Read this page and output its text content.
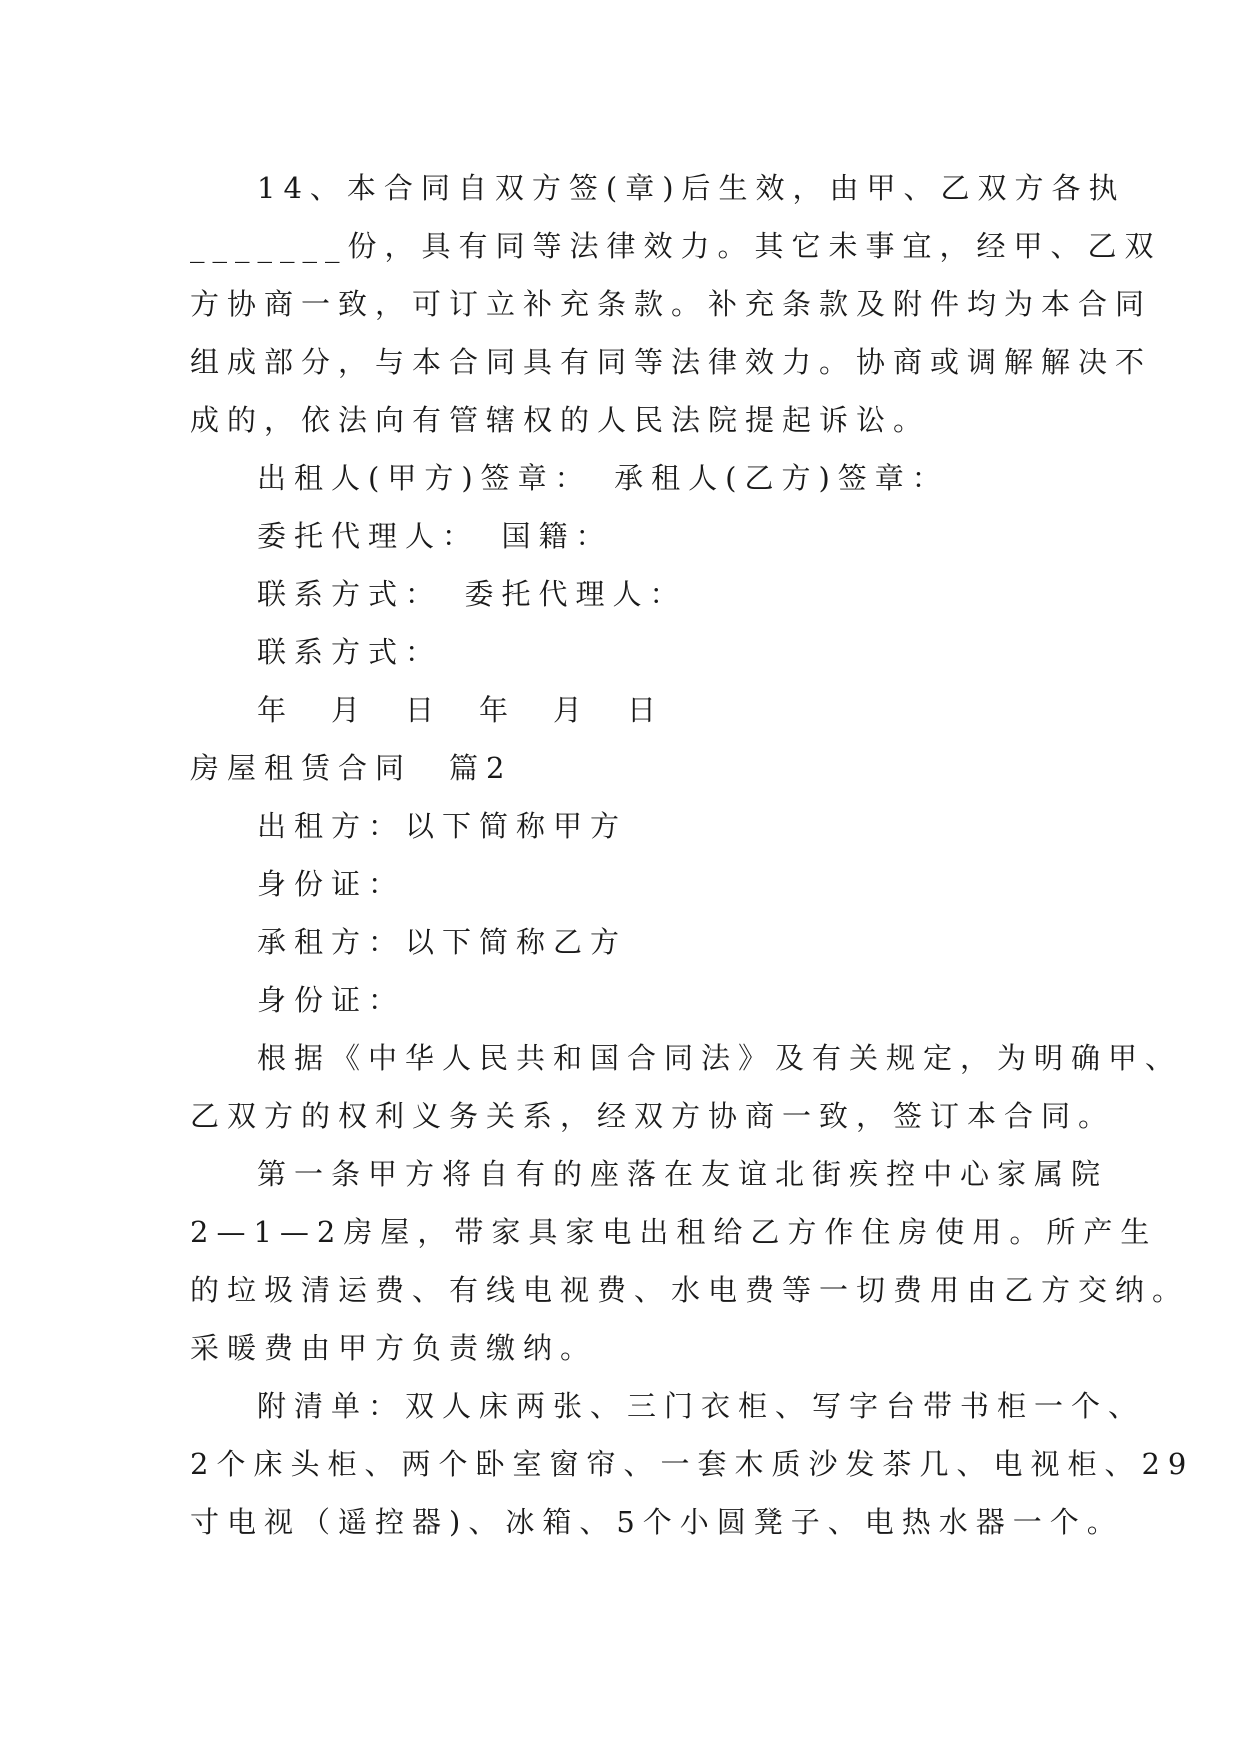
14、本合同自双方签(章)后生效，由甲、乙双方各执

_______份，具有同等法律效力。其它未事宜，经甲、乙双

方协商一致，可订立补充条款。补充条款及附件均为本合同

组成部分，与本合同具有同等法律效力。协商或调解解决不

成的，依法向有管辖权的人民法院提起诉讼。

出租人(甲方)签章：　承租人(乙方)签章：

委托代理人：　国籍：

联系方式：　委托代理人：

联系方式：

年　月　日　年　月　日

房屋租赁合同　篇2

出租方：以下简称甲方

身份证：

承租方：以下简称乙方

身份证：

根据《中华人民共和国合同法》及有关规定，为明确甲、

乙双方的权利义务关系，经双方协商一致，签订本合同。

第一条甲方将自有的座落在友谊北街疾控中心家属院

2—1—2房屋，带家具家电出租给乙方作住房使用。所产生

的垃圾清运费、有线电视费、水电费等一切费用由乙方交纳。

采暖费由甲方负责缴纳。

附清单：双人床两张、三门衣柜、写字台带书柜一个、

2个床头柜、两个卧室窗帘、一套木质沙发茶几、电视柜、29

寸电视（遥控器)、冰箱、5个小圆凳子、电热水器一个。
